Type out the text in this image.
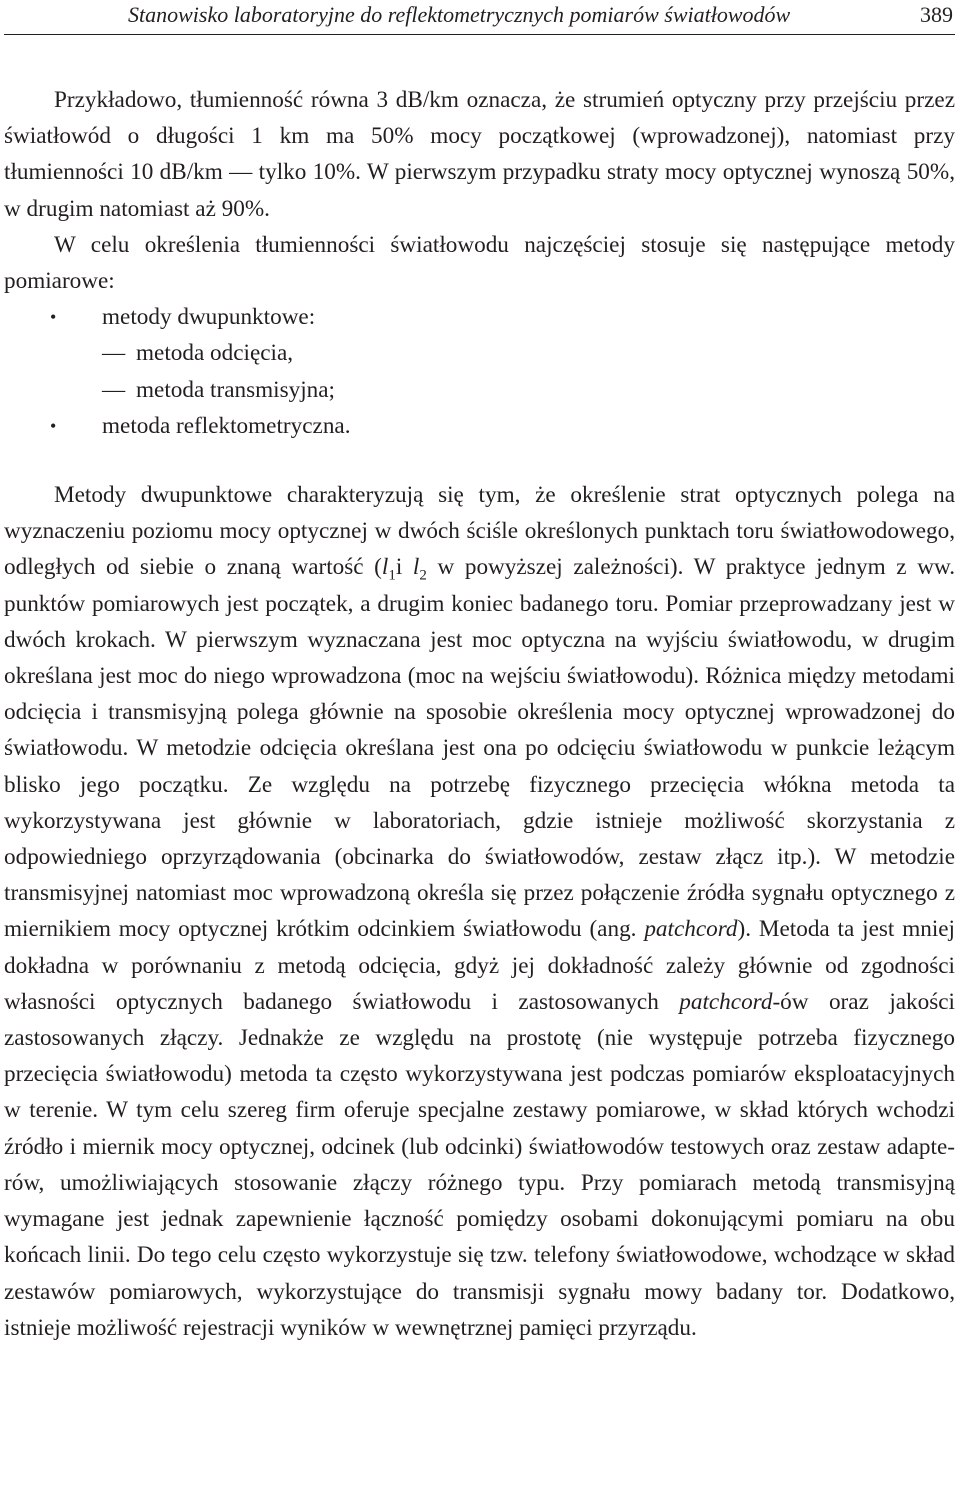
Stanowisko laboratoryjne do reflektometrycznych pomiarów światłowodów	389

Przykładowo, tłumienność równa 3 dB/km oznacza, że strumień optyczny przy przejściu przez światłowód o długości 1 km ma 50% mocy początkowej (wprowadzonej), natomiast przy tłumienności 10 dB/km — tylko 10%. W pierwszym przypadku straty mocy optycznej wynoszą 50%, w drugim natomiast aż 90%.

W celu określenia tłumienności światłowodu najczęściej stosuje się następujące metody pomiarowe:

• metody dwupunktowe:
— metoda odcięcia,
— metoda transmisyjna;
• metoda reflektometryczna.

Metody dwupunktowe charakteryzują się tym, że określenie strat optycznych polega na wyznaczeniu poziomu mocy optycznej w dwóch ściśle określonych punktach toru światłowodowego, odległych od siebie o znaną wartość ($l_1i$ $l_2$ w powyższej zależności). W praktyce jednym z ww. punktów pomiarowych jest początek, a drugim koniec badanego toru. Pomiar przeprowadzany jest w dwóch krokach. W pierwszym wyznaczana jest moc optyczna na wyjściu światłowodu, w drugim określana jest moc do niego wprowadzona (moc na wejściu światłowodu). Różnica między metodami odcięcia i transmisyjną polega głównie na sposobie określenia mocy optycznej wprowadzonej do światłowodu. W metodzie odcięcia określana jest ona po odcięciu światłowodu w punkcie leżącym blisko jego początku. Ze względu na potrzebę fizycznego przecięcia włókna metoda ta wykorzystywana jest głównie w laboratoriach, gdzie istnieje możliwość skorzystania z odpowiedniego oprzyrządowania (obcinarka do światłowodów, zestaw złącz itp.). W metodzie transmisyjnej natomiast moc wprowadzoną określa się przez połączenie źródła sygnału optycznego z miernikiem mocy optycznej krótkim odcinkiem światłowodu (ang. patchcord). Metoda ta jest mniej dokładna w porównaniu z metodą odcięcia, gdyż jej dokładność zależy głównie od zgodności własności optycznych badanego światłowodu i zastosowanych patchcord-ów oraz jakości zastosowanych złączy. Jednakże ze względu na prostotę (nie występuje potrzeba fizycznego przecięcia światłowodu) metoda ta często wykorzystywana jest podczas pomiarów eksploatacyjnych w terenie. W tym celu szereg firm oferuje specjalne zestawy pomiarowe, w skład których wchodzi źródło i miernik mocy optycznej, odcinek (lub odcinki) światłowodów testowych oraz zestaw adapterów, umożliwiających stosowanie złączy różnego typu. Przy pomiarach metodą transmisyjną wymagane jest jednak zapewnienie łączność pomiędzy osobami dokonującymi pomiaru na obu końcach linii. Do tego celu często wykorzystuje się tzw. telefony światłowodowe, wchodzące w skład zestawów pomiarowych, wykorzystujące do transmisji sygnału mowy badany tor. Dodatkowo, istnieje możliwość rejestracji wyników w wewnętrznej pamięci przyrządu.
